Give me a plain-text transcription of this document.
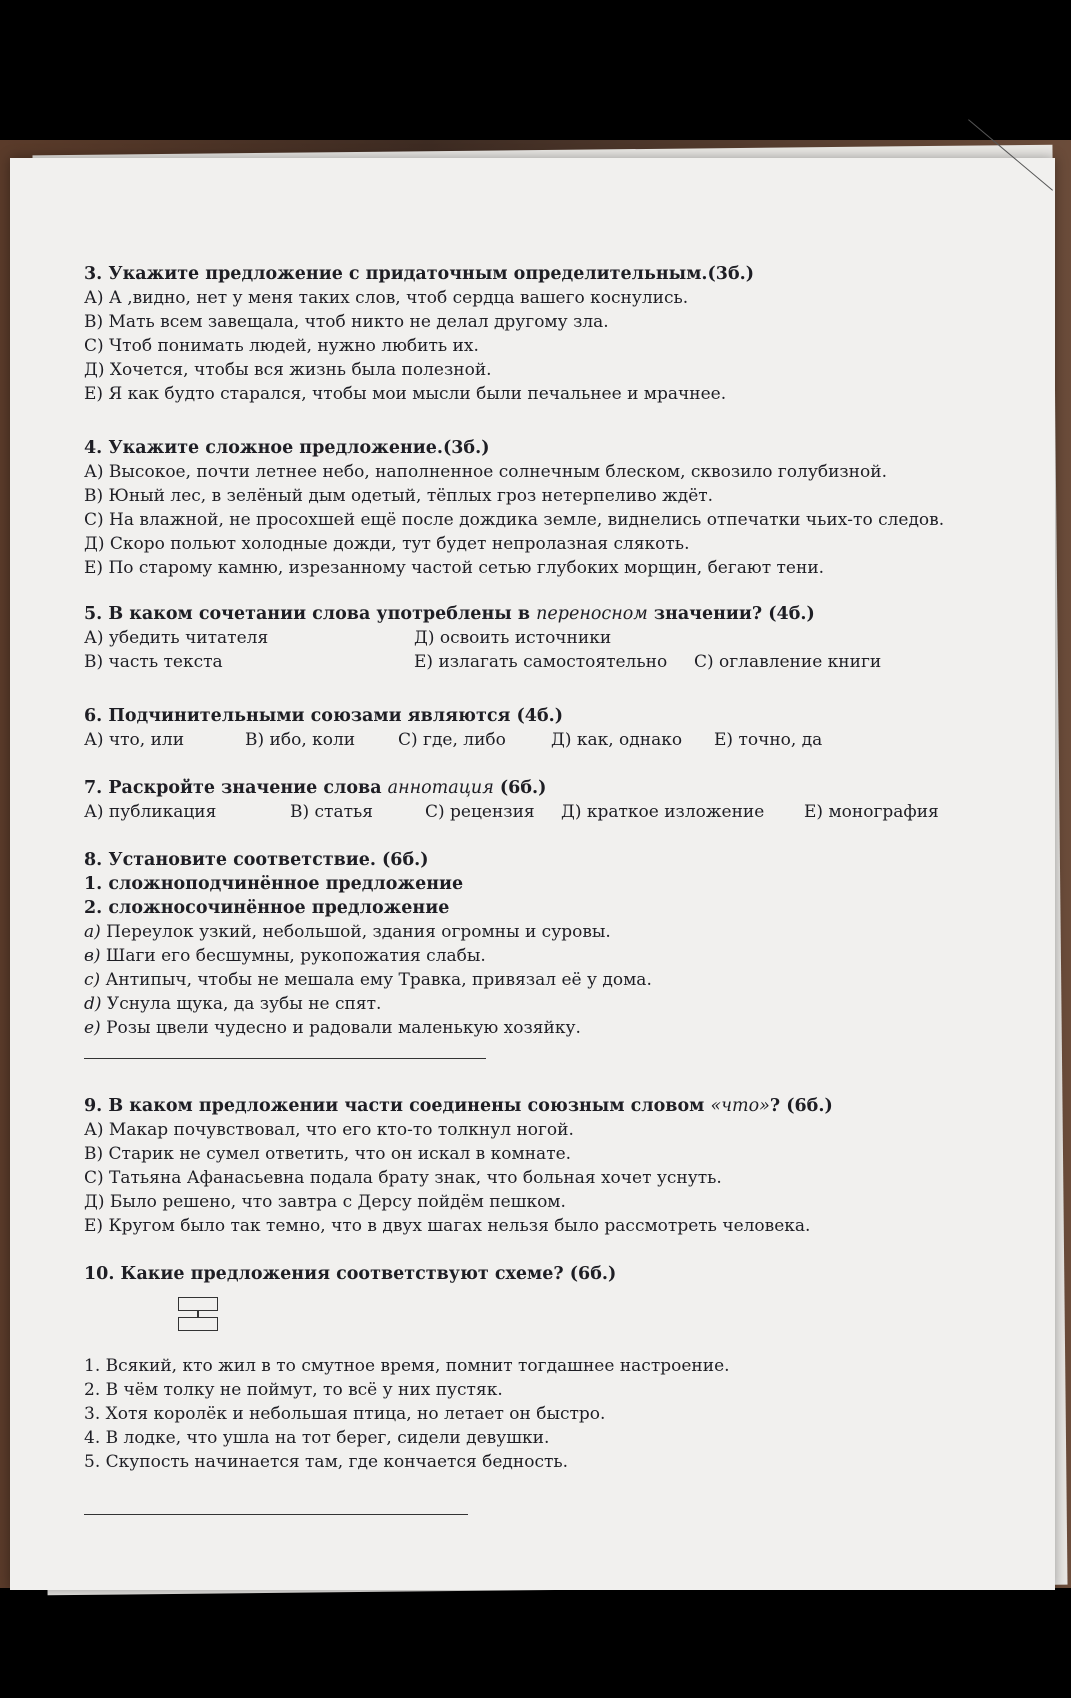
3. Укажите предложение с придаточным определительным.(3б.)
А) А ,видно, нет у меня таких слов, чтоб сердца вашего коснулись.
В) Мать всем завещала, чтоб никто не делал другому зла.
С) Чтоб понимать людей, нужно любить их.
Д) Хочется, чтобы вся жизнь была полезной.
Е) Я как будто старался, чтобы мои мысли были печальнее и мрачнее.
4. Укажите сложное предложение.(3б.)
А) Высокое, почти летнее небо, наполненное солнечным блеском, сквозило голубизной.
В) Юный лес, в зелёный дым одетый, тёплых гроз нетерпеливо ждёт.
С) На влажной, не просохшей ещё после дождика земле, виднелись отпечатки чьих-то следов.
Д) Скоро польют холодные дожди, тут будет непролазная слякоть.
Е) По старому камню, изрезанному частой сетью глубоких морщин, бегают тени.
5. В каком сочетании слова употреблены в переносном значении? (4б.)
А) убедить читателя	Д) освоить источники
В) часть текста	Е) излагать самостоятельно	С) оглавление книги
6. Подчинительными союзами являются (4б.)
А) что, или	В) ибо, коли	С) где, либо	Д) как, однако	Е) точно, да
7. Раскройте значение слова аннотация (6б.)
А) публикация	В) статья	С) рецензия	Д) краткое изложение	Е) монография
8. Установите соответствие. (6б.)
1. сложноподчинённое предложение
2. сложносочинённое предложение
а) Переулок узкий, небольшой, здания огромны и суровы.
в) Шаги его бесшумны, рукопожатия слабы.
с) Антипыч, чтобы не мешала ему Травка, привязал её у дома.
d) Уснула щука, да зубы не спят.
е) Розы цвели чудесно и радовали маленькую хозяйку.
9. В каком предложении части соединены союзным словом «что»? (6б.)
А) Макар почувствовал, что его кто-то толкнул ногой.
В) Старик не сумел ответить, что он искал в комнате.
С) Татьяна Афанасьевна подала брату знак, что больная хочет уснуть.
Д) Было решено, что завтра с Дерсу пойдём пешком.
Е) Кругом было так темно, что в двух шагах нельзя было рассмотреть человека.
10. Какие предложения соответствуют схеме? (6б.)
1. Всякий, кто жил в то смутное время, помнит тогдашнее настроение.
2. В чём толку не поймут, то всё у них пустяк.
3. Хотя королёк и небольшая птица, но летает он быстро.
4. В лодке, что ушла на тот берег, сидели девушки.
5. Скупость начинается там, где кончается бедность.
